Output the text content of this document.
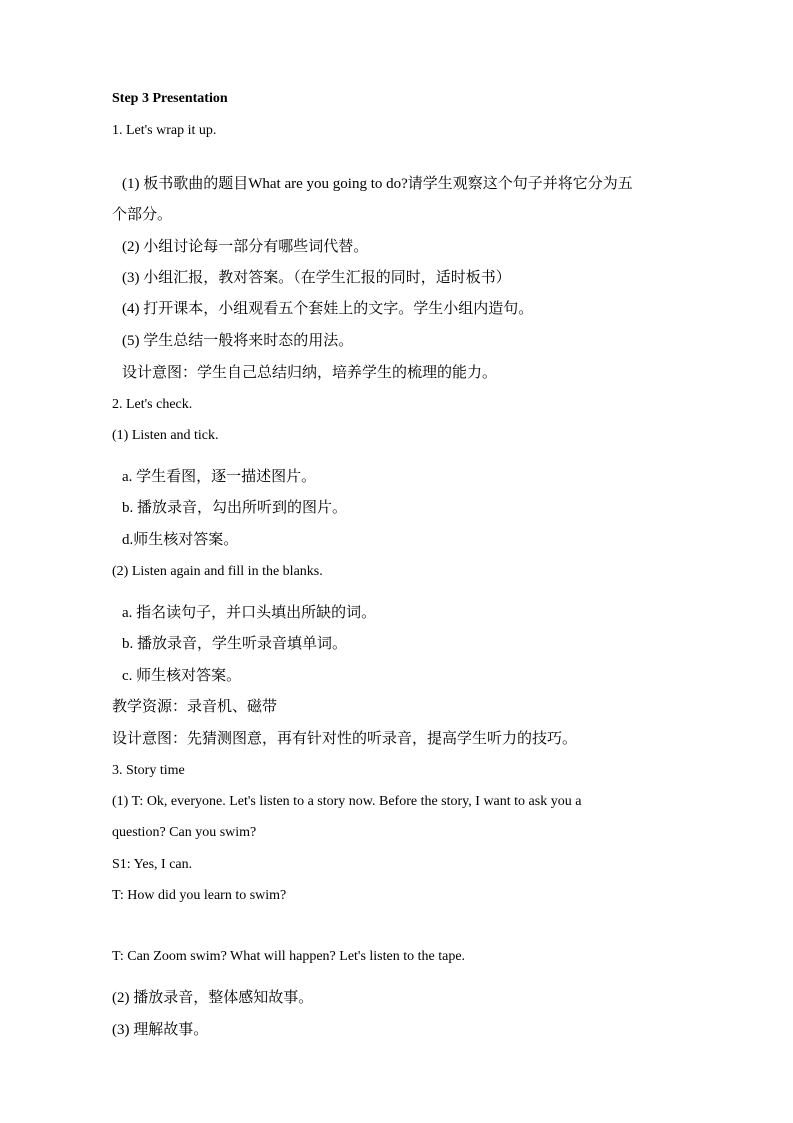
Step 3 Presentation
1. Let's wrap it up.
(1) 板书歌曲的题目What are you going to do?请学生观察这个句子并将它分为五
个部分。
(2) 小组讨论每一部分有哪些词代替。
(3) 小组汇报，教对答案。（在学生汇报的同时，适时板书）
(4) 打开课本，小组观看五个套娃上的文字。学生小组内造句。
(5) 学生总结一般将来时态的用法。
设计意图：学生自己总结归纳，培养学生的梳理的能力。
2. Let's check.
(1) Listen and tick.
a. 学生看图，逐一描述图片。
b. 播放录音，勾出所听到的图片。
d.师生核对答案。
(2) Listen again and fill in the blanks.
a. 指名读句子，并口头填出所缺的词。
b. 播放录音，学生听录音填单词。
c. 师生核对答案。
教学资源：录音机、磁带
设计意图：先猜测图意，再有针对性的听录音，提高学生听力的技巧。
3. Story time
(1) T: Ok, everyone. Let's listen to a story now. Before the story, I want to ask you a
question? Can you swim?
S1: Yes, I can.
T: How did you learn to swim?
T: Can Zoom swim? What will happen? Let's listen to the tape.
(2) 播放录音，整体感知故事。
(3) 理解故事。
